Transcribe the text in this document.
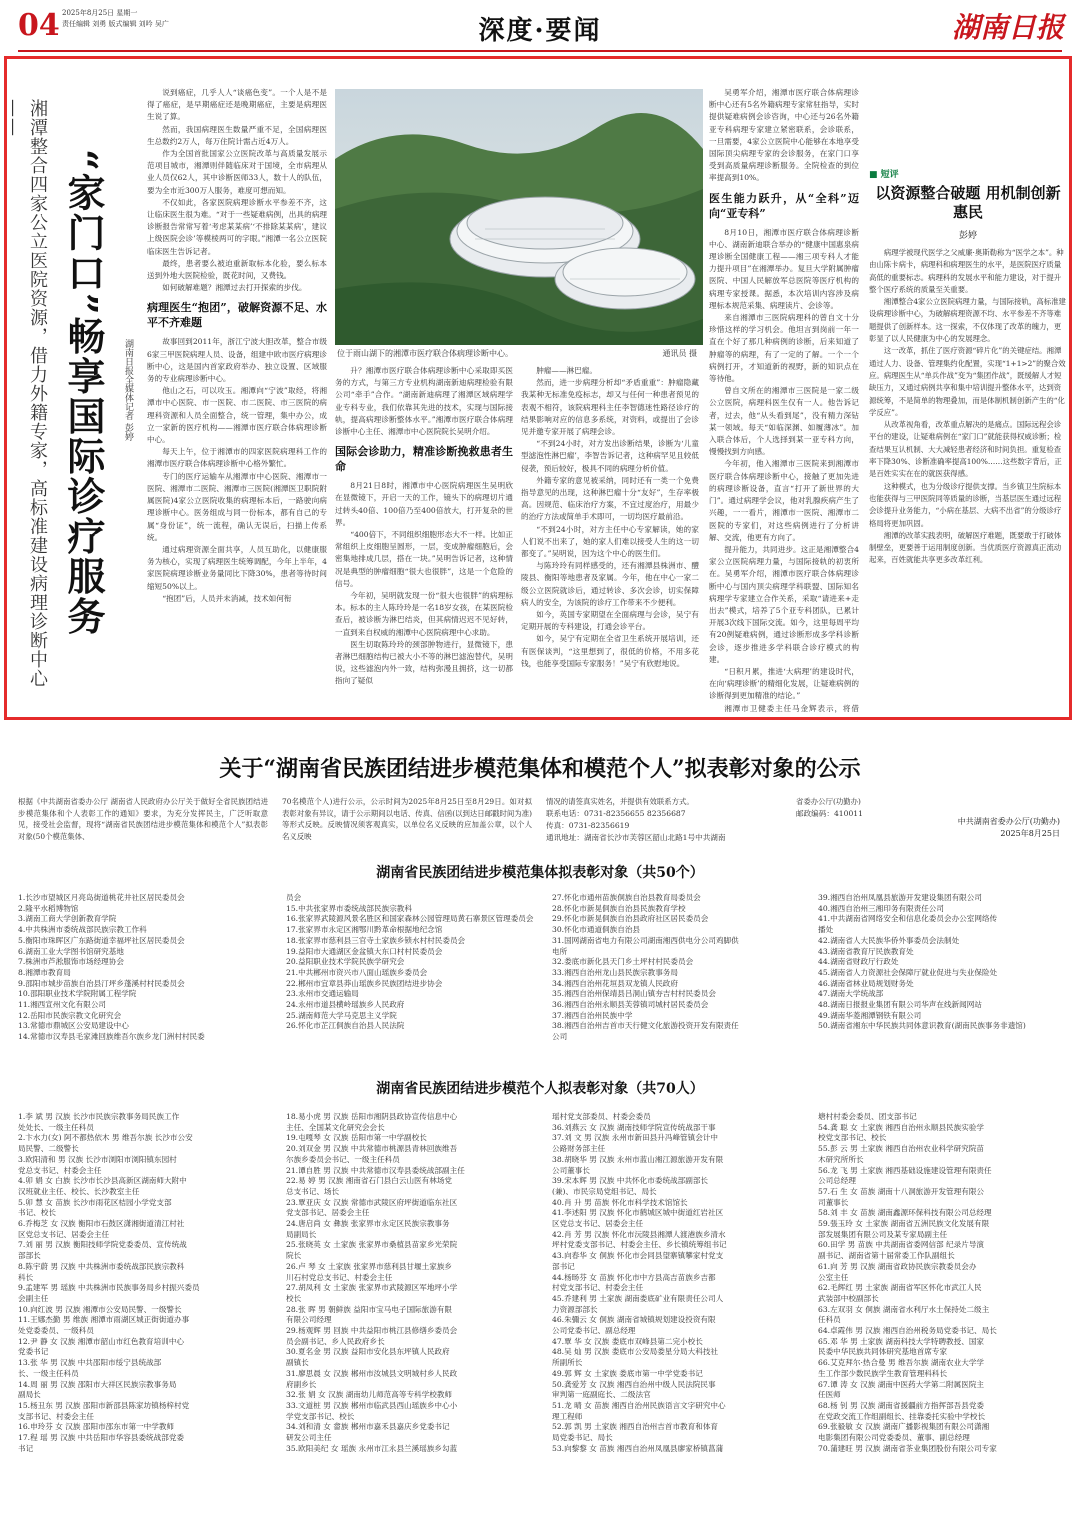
04 2025年8月25日 星期一
责任编辑 刘勇 版式编辑 刘吟 吴广	深度·要闻	湖南日报
湘潭整合四家公立医院资源，借力外籍专家，高标准建设病理诊断中心——
“家门口”畅享国际诊疗服务	湖南日报全媒体记者 彭婷

说到癌症，几乎人人“谈癌色变”。一个人是不是得了癌症，是早期癌症还是晚期癌症，主要是病理医生说了算。

然而，我国病理医生数量严重不足，全国病理医生总数约2万人，每万住院计需占近4万人。

作为全国首批国家公立医院改革与高质量发展示范项目城市，湘潭则伴随临床对于国境，全市病理从业人员仅62人，其中诊断医师33人，数十人的队伍，要为全市近300万人服务，难度可想而知。

不仅如此，各家医院病理诊断水平参差不齐，这让临床医生很为难。“对于一些疑难病例，出具的病理诊断报告常常写着‘考虑某某病’‘不排除某某病’，建议上级医院会诊’等模棱两可的字眼。”湘潭一名公立医院临床医生告诉记者。

最终，患者要么被迫重新取标本化验，要么标本送到外地大医院检验，既花时间，又费钱。

如何破解难题？湘潭过去打开探索的步伐。

病理医生“抱团”，破解资源不足、水平不齐难题

故事回到2011年，浙江宁波大胆改革，整合市级6家三甲医院病理人员、设备，组建中欧市医疗病理诊断中心，这是国内首家政府举办、独立设置、区域服务的专业病理诊断中心。

他山之石，可以攻玉。湘潭向“宁波”取经，将湘潭市中心医院、市一医院、市二医院、市三医院的病理科资源和人员全面整合，统一管理，集中办公，成立一家新的医疗机构——湘潭市医疗联合体病理诊断中心。

每天上午，位于湘潭市的四家医院病理科工作的湘潭市医疗联合体病理诊断中心格外繁忙。

专门的医疗运输车从湘潭市中心医院、湘潭市一医院、湘潭市二医院、湘潭市三医院(湘潭医卫职院附属医院)4家公立医院收集的病理标本后，一路驶向病理诊断中心。医务组成与同一份标本，都有自己的专属“身份证”，统一流程，确认无误后，扫描上传系统。

通过病理资源全面共享，人员互助化，以健康服务为核心，实现了病理医生统筹调配，今年上半年，4家医院病理诊断业务量同比下降30%，患者等待时间缩短50%以上。

“抱团”后，人员并未消减，技术如何衔

位于雨山湖下的湘潭市医疗联合体病理诊断中心。	通讯员 摄

升？湘潭市医疗联合体病理诊断中心采取即买医务的方式，与第三方专业机构湖南新迪病理检验有限公司“牵手”合作。“湖南新迪病理了湘潭区域病理学业专科专业，我们依靠其先进的技术，实现与国际接轨，提高病理诊断整体水平。”湘潭市医疗联合体病理诊断中心主任、湘潭市中心医院院长吴明介绍。

国际会诊助力，精准诊断挽救患者生命

8月21日8时，湘潭市中心医院病理医生吴明欣在显微镜下，开启一天的工作，镜头下的病理切片通过转头40倍、100倍乃至400倍放大，打开复杂的世界。

“400倍下，不同组织细胞形态大不一样。比如正常组织上皮细胞呈圆形，一层，变成肿瘤细胞后，会密集地排成几层，搭在一块。”吴明告诉记者，这种情况是典型的肿瘤细胞“很大也很胖”，这是一个危险的信号。

今年初，吴明就发现一份“很大也很胖”的病理标本。标本的主人陈玲玲是一名18岁女孩，在某医院检查后，被诊断为淋巴结炎，但其病情迟迟不见好转，一直到来自权威的湘潭中心医院病理中心求助。

医生切取陈玲玲的颈部肿物进行，显微镜下，患者淋巴细胞结构已被大小不等的淋巴滤泡替代，吴明说，这些滤泡内外一致，结构弥漫且拥挤，这一切都指向了疑似

肿瘤——淋巴瘤。

然而，进一步病理分析却“矛盾重重”：肿瘤隐藏我某种无标准免疫标志，却又与任何一种患者预见的表观不相符，该院病理科主任李智德迷性路径诊疗的结果影响对应的信息多系统，对资料，或提出了会诊见并邀专家开展了病理会诊。

“不到24小时，对方发出诊断结果，诊断为‘儿童型滤泡性淋巴瘤’，李智告诉记者，这种病罕见且较低侵袭，预后较好，极具不同的病理分析价值。

外籍专家的意见被采纳，同时还有一类一个免费指导意见的出现，这种淋巴瘤十分“友好”，生存率极高。因规范、临床治疗方案，不宜过度治疗，用最少的治疗方法或简单手术即可，一切均医疗最前沿。

“不到24小时，对方主任中心专家解读，她的家人们说不出来了，她的家人们难以接受人生的这一切都变了。”吴明说，因为这个中心的医生们。

与陈玲玲有同样感受的，还有湘潭县株洲市、醴陵县、衡阳等地患者及家属。今年，他在中心一家二级公立医院就诊后，通过转诊、多次会诊，切实保障病人的安全，为该院的诊疗工作带来不少便利。

如今，英国专家期望在全面病理与会诊，吴宁有定期开展的专科建设，打通会诊平台。

如今，吴宁有定期在全省卫生系统开展培训，还有医保谈判，“这里想到了，很低的价格，不用多花钱，也能享受国际专家服务！”吴宁有欣慰地说。

吴勇军介绍，湘潭市医疗联合体病理诊断中心还有5名外籍病理专家常驻指导，实时提供疑难病例会诊咨询，中心还与26名外籍亚专科病理专家建立紧密联系，会诊联系，一旦需要，4家公立医院中心能够在本地享受国际顶尖病理专家的会诊服务，在家门口享受到高质量病理诊断服务。全院检查的到位率提高到10%。

医生能力跃升，从“全科”迈向“亚专科”

8月10日，湘潭市医疗联合体病理诊断中心、湖南新迪联合举办的“健康中国惠泉病理诊断全国健康工程——湘三项专科人才能力提升项目”在湘潭举办。复旦大学附属肿瘤医院、中国人民解放军总医院等医疗机构的病理专家授课。据悉，本次培训内容涉及病理标本规范采集、病理读片、会诊等。

来自湘潭市三医院病理科的曾自文十分珍惜这样的学习机会。他坦言到岗前一年一直在个好了那几种病例的诊断，后来知道了肿瘤等的病理，有了一定的了解。一个一个病例打开，才知道新的视野，新的知识点在等待他。

曾自文所在的湘潭市三医院是一家二级公立医院，病理科医生仅有一人。他告诉记者，过去，他“从头看到尾”，没有精力深钻某一领域。每天“如临深渊、如履薄冰”。加入联合体后，个人选择到某一亚专科方向，慢慢找到方向感。

今年初，他入湘潭市三医院来到湘潭市医疗联合体病理诊断中心，接触了更加先进的病理诊断设备，直言“打开了新世界的大门”。通过病理学会议，他对乳腺疾病产生了兴趣，一一看片，湘潭市一医院、湘潭市二医院的专家们，对这些病例进行了分析讲解、交流，他更有方向了。

提升能力，共同进步。这正是湘潭整合4家公立医院病理力量，与国际接轨的初衷所在。吴勇军介绍，湘潭市医疗联合体病理诊断中心与国内顶尖病理学科联盟、国际知名病理学专家建立合作关系，采取“请进来+走出去”模式，培养了5个亚专科团队，已累计开展3次线下国际交流。如今，这里每周平均有20例疑难病例，通过诊断形成多学科诊断会诊，逐步推进多学科联合诊疗模式的构建。

“日积月累，推进‘大病理’的建设时代，在向‘病理诊断’的精细化发展，让疑难病例的诊断得到更加精准的结论。”

湘潭市卫健委主任马金辉表示，将借

■ 短评
以资源整合破题 用机制创新惠民
彭婷

病理学被现代医学之父威廉·奥斯勒称为“医学之本”。种由山陈卡病卡，病理科和病理医生的水平，是医院医疗质量高低的重要标志。病理科的发展水平和能力建设，对于提升整个医疗系统的质量至关重要。

湘潭整合4家公立医院病理力量，与国际接轨，高标准建设病理诊断中心，为破解病理资源不均、水平参差不齐等难题提供了创新样本。这一探索，不仅体现了改革的魄力，更彰显了以人民健康为中心的发展理念。

这一改革，抓住了医疗资源“碎片化”的关键症结。湘潭通过人力、设备、管理集约化配置，实现“1+1>2”的聚合效应。病理医生从“单兵作战”变为“集团作战”，既缓解人才短缺压力，又通过病例共享和集中培训提升整体水平，达到资源统筹，不是简单的物理叠加，而是体制机制创新产生的“化学反应”。

从改革视角看，改革重点解决的是痛点。国际远程会诊平台的建设，让疑难病例在“家门口”就能获得权威诊断；检查结果互认机制、大大减轻患者经济和时间负担。重复检查率下降30%、诊断准确率提高100%……这些数字背后，正是百姓实实在在的就医获得感。

这种模式，也为分级诊疗提供支撑。当乡镇卫生院标本也能获得与三甲医院同等质量的诊断，当基层医生通过远程会诊提升业务能力，“小病在基层、大病不出省”的分级诊疗格局将更加巩固。

湘潭的改革实践表明，破解医疗难题，既要敢于打破体制壁垒，更要善于运用制度创新。当优质医疗资源真正流动起来，百姓就能共享更多改革红利。

关于“湖南省民族团结进步模范集体和模范个人”拟表彰对象的公示
根据《中共湖南省委办公厅 湖南省人民政府办公厅关于做好全省民族团结进步模范集体和个人表彰工作的通知》要求，为充分发挥民主，广泛听取意见，接受社会监督，现将“湖南省民族团结进步模范集体和模范个人”拟表彰对象(50个模范集体、
70名模范个人)进行公示，公示时间为2025年8月25日至8月29日。如对拟表彰对象有异议，请于公示期间以电话、传真、信函(以到达日邮戳时间为准)等形式反映。反映情况须客观真实，以单位名义反映的应加盖公章，以个人名义反映
情况的请签真实姓名，并提供有效联系方式。
联系电话：0731-82356655 82356687
传真：0731-82356619
通讯地址：湖南省长沙市芙蓉区韶山北路1号中共湖南
省委办公厅(功勤办)
邮政编码：410011
中共湖南省委办公厅(功勤办)
2025年8月25日
湖南省民族团结进步模范集体拟表彰对象（共50个）
1.长沙市望城区月亮岛街道桃花井社区居民委员会
2.隆平水稻博物馆
3.湖南工商大学创新教育学院
4.中共株洲市委统战部民族宗教工作科
5.衡阳市珠晖区广东路街道幸福坪社区居民委员会
6.湖南工业大学图书馆研究基地
7.株洲市芦淞服饰市场经理协会
8.湘潭市教育局
9.邵阳市城步苗族自治县汀坪乡蓬溪村村民委员会
10.邵阳职业技术学院附属工程学院
11.湘西宣州文化有限公司
12.岳阳市民族宗教文化研究会
13.常德市鼎城区公安局建设中心
14.常德市汉寿县毛家滩回族维吾尔族乡龙门洲村村民委
员会
15.中共张家界市委统战部民族宗教科
16.张家界武陵源风景名胜区和国家森林公园管理局黄石寨景区管理委员会
17.张家界市永定区湘鄂川黔革命根据地纪念馆
18.张家界市慈利县三官寺土家族乡锁水村村民委员会
19.益阳市大通湖区金盆镇大东口村村民委员会
20.益阳职业技术学院民族学研究会
21.中共郴州市资兴市八面山瑶族乡委员会
22.郴州市宜章县莽山瑶族乡民族团结进步协会
23.永州市交通运输局
24.永州市道县横岭瑶族乡人民政府
25.湖南师范大学马克思主义学院
26.怀化市芷江侗族自治县人民法院
27.怀化市通州苗族侗族自治县教育局委员会
28.怀化市新晃侗族自治县民族教育学校
29.怀化市新晃侗族自治县政府社区居民委员会
30.怀化市通道侗族自治县
31.国网湖南省电力有限公司湖南湘西供电分公司鸡脚供
电所
32.娄底市新化县天门乡土坪村村民委员会
33.湘西自治州龙山县民族宗教事务局
34.湘西自治州花垣县双龙镇人民政府
35.湘西自治州保靖县吕洞山镇夯吉村村民委员会
36.湘西自治州永顺县芙蓉镇司城村居民委员会
37.湘西自治州民族中学
38.湘西自治州吉首市天行健文化旅游投资开发有限责任
公司
39.湘西自治州凤凰县旅游开发建设集团有限公司
40.湘西自治州三湘印务有限责任公司
41.中共湖南省网络安全和信息化委员会办公室网络传
播处
42.湖南省人大民族华侨外事委员会法制处
43.湖南省教育厅民族教育处
44.湖南省财政厅行政处
45.湖南省人力资源社会保障厅就业促进与失业保险处
46.湖南省林业局规划财务处
47.湖南大学统战部
48.湖南日报报业集团有限公司华声在线新闻网站
49.湖南华菱湘潭钢铁有限公司
50.湖南省湘东中华民族共同体意识教育(湖南民族事务非遗馆)
湖南省民族团结进步模范个人拟表彰对象（共70人）
1.李 斌 男 汉族 长沙市民族宗教事务局民族工作
处处长、一级主任科员
2.卞水力(女) 阿不都热依木 男 维吾尔族 长沙市公安
局民警、二级警长
3.欧阳清和 男 汉族 长沙市浏阳市浏阳镇东园村
党总支书记、村委会主任
4.卯 娟 女 白族 长沙市长沙县高新区湖南师大附中
汉班就业主任、校长、长沙教室主任
5.卯 慧 女 苗族 长沙市雨花区桔园小学党支部
书记、校长
6.乔梅芝 女 汉族 衡阳市石鼓区潇湘街道清江村社
区党总支书记、居委会主任
7.刘 丽 男 汉族 衡阳技师学院党委委员、宣传统战
部部长
8.陈宇蔚 男 汉族 中共株洲市委统战部民族宗教科
科长
9.孟建军 男 瑶族 中共株洲市民族事务局乡村振兴委员
会副主任
10.向红波 男 汉族 湘潭市公安局民警、一级警长
11.王娜杰勤 男 维族 湘潭市雨湖区城正街街道办事
处党委委员、一级科员
12.尹 静 女 汉族 湘潭市韶山市红色教育培训中心
党委书记
13.张 华 男 汉族 中共邵阳市绥宁县统战部
长、一级主任科员
14.周 丽 男 汉族 邵阳市大祥区民族宗教事务局
副局长
15.杨丑东 男 汉族 邵阳市新邵县陈家坊镇杨梓村党
支部书记、村委会主任
16.申玲芬 女 汉族 邵阳市邵东市第一中学教师
17.程 瑶 男 汉族 中共岳阳市华容县委统战部党委
书记
18.易小虎 男 汉族 岳阳市湘阴县政协宣传信息中心
主任、全国某文化研究会会长
19.屯嘎琴 女 汉族 岳阳市第一中学副校长
20.刘双金 男 汉族 中共常德市桃源县青林回族维吾
尔族乡委员会书记、一级主任科员
21.谭自胜 男 汉族 中共常德市汉寿县委统战部副主任
22.易 婷 男 汉族 湘南省石门县白云山医有林场党
总支书记、场长
23.覃亚庆 女 汉族 常德市武陵区府坪街道临东社区
党支部书记、居委会主任
24.唐启尚 女 彝族 张家界市永定区民族宗教事务
局副局长
25.张晓英 女 土家族 张家界市桑植县苗家乡光荣院
院长
26.卢 琴 女 土家族 张家界市慈利县甘堰土家族乡
川石村党总支书记、村委会主任
27.胡凤利 女 土家族 张家界市武陵源区军地坪小学
校长
28.张 晖 男 朝鲜族 益阳市宝马电子国际旅游有限
有限公司经理
29.杨观辉 男 回族 中共益阳市桃江县修缮乡委员会
员会副书记、乡人民政府乡长
30.夏名金 男 汉族 益阳市安化县东坪镇人民政府
副镇长
31.廖思晨 女 汉族 郴州市汝城县文明城村乡人民政
府副乡长
32.张 娟 女 汉族 湖南幼儿师范高等专科学校教师
33.文道桩 男 汉族 郴州市临武县西山瑶族乡中心小
学党支部书记、校长
34.刘和清 女 畲族 郴州市嘉禾县嘉庆乡党委书记
研发公司主任
35.欧阳美纪 女 瑶族 永州市江永县兰溪瑶族乡勾蓝
瑶村党支部委员、村委会委员
36.刘燕云 女 汉族 湖南技师学院宣传统战部干事
37.刘 文 男 汉族 永州市新田县升冯峰管镇会计中
公路财务部主任
38.胡晓华 男 汉族 永州市蓝山湘江源旅游开发有限
公司董事长
39.宋本辉 男 汉族 中共怀化市委统战部副部长
(兼)、市民宗局党组书记、局长
40.肖 升 男 苗族 怀化市科学技术馆馆长
41.李述阳 男 汉族 怀化市鹤城区城中街道红岩社区
区党总支书记、居委会主任
42.肖 芳 男 汉族 怀化市沅陵县湘潭人渡港族乡清水
坪村党委支部书记、村委会主任、乡长镇统筹组书记
43.向春华 女 侗族 怀化市会同县望寨镇攀家村党支
部书记
44.杨旸芬 女 苗族 怀化市中方县高吉苗族乡吉都
村党支部书记、村委会主任
45.乔建利 男 土家族 湖南娄底矿业有限责任公司人
力资源部部长
46.朱彌云 女 侗族 湖南省城镇规划建设投资有限
公司党委书记、副总经理
47.覃 华 女 汉族 娄底市双峰县第二完小校长
48.吴 灿 男 汉族 娄底市公安局娄星分局大科技社
所副所长
49.郭 辉 女 土家族 娄底市第一中学党委书记
50.龚爱芳 女 汉族 湘西自治州中级人民法院民事
审判第一庭副庭长、二级法官
51.龙 晴 女 苗族 湘西自治州民族语言文字研究中心
理工程师
52.郭 凯 男 土家族 湘西自治州吉首市教育和体育
局党委书记、局长
53.向黎黎 女 苗族 湘西自治州凤凰县廖家桥镇菖蒲
塘村村委会委员、团支部书记
54.龚 聪 女 土家族 湘西自治州永顺县民族实验学
校党支部书记、校长
55.彭 云 男 土家族 湘西自治州农业科学研究院苗
木研究所所长
56.龙 飞 男 土家族 湘西基础设施建设管理有限责任
公司总经理
57.石 生 女 苗族 湖南十八洞旅游开发管理有限公
司董事长
58.刘 丰 女 苗族 湖南鑫源环保科技有限公司总经理
59.張玉玲 女 土家族 湖南省五洲民族文化发展有限
部发展集团有限公司及某专家局副主任
60.田学 男 苗族 中共湖南省委网信部 纪录片导演
副书记、湖南省第十届常委工作队副组长
61.向 芳 男 汉族 湖南省政协民族宗教委员会办
公室主任
62.毛辉红 男 土家族 湖南省军区怀化市武江人民
武装部中校副部长
63.左双羽 女 侗族 湖南省水利厅水土保持处二级主
任科员
64.卓霞伟 男 汉族 湘西自治州税务局党委书记、局长
65.邓 华 男 土家族 湖南科技大学特聘教授、国家
民委中华民族共同体研究基地首席专家
66.艾克拜尔·热合曼 男 维吾尔族 湖南农业大学学
生工作部少数民族学生教育管理科科长
67.谭 涛 女 汉族 湖南中医药大学第二附属医院主
任医师
68.杨 钊 男 汉族 湖南省援疆前方指挥部吾县党委
在党政交流工作组副组长、挂靠委托实验中学校长
69.张毅敏 女 汉族 湖南广播影视集团有限公司潇湘
电影集团有限公司党委委员、董事、副总经理
70.蒲建旺 男 汉族 湖南省茶业集团股份有限公司专家
